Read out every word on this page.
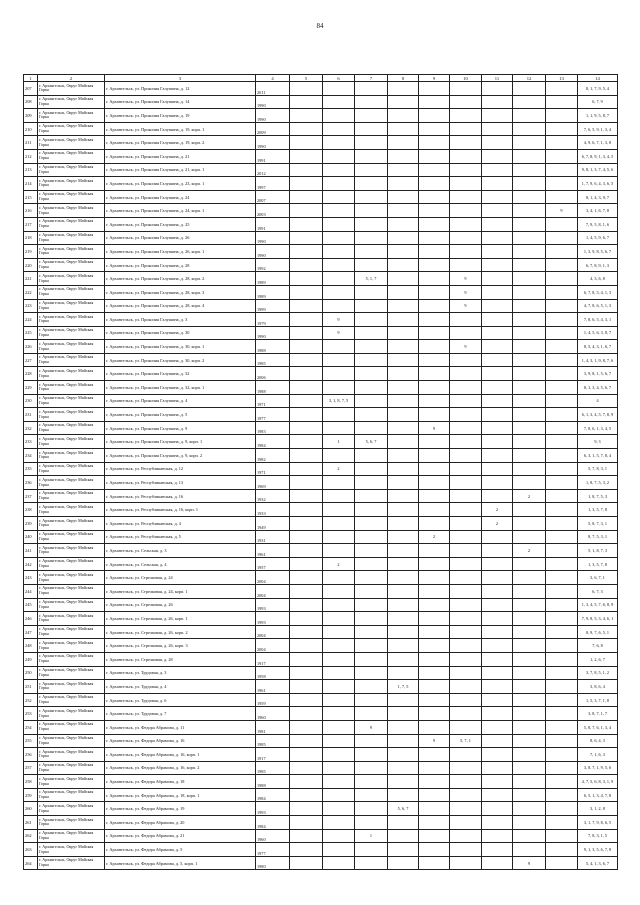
84
1	2	3	4	5	6	7	8	9	10	11	12	13	14
207	г. Архангельск, Округ Майская Горка	г. Архангельск, ул. Прокопия Галушина, д. 12	2011										8, 1, 7, 9, 5, 4
208	г. Архангельск, Округ Майская Горка	г. Архангельск, ул. Прокопия Галушина, д. 14	1990										6, 7, 9
209	г. Архангельск, Округ Майская Горка	г. Архангельск, ул. Прокопия Галушина, д. 19	1990										1, 1, 9, 5, 8, 7
210	г. Архангельск, Округ Майская Горка	г. Архангельск, ул. Прокопия Галушина, д. 19, корп. 1	2009										7, 6, 5, 9, 1, 3, 4
211	г. Архангельск, Округ Майская Горка	г. Архангельск, ул. Прокопия Галушина, д. 19, корп. 2	1990										4, 9, 6, 7, 1, 3, 8
212	г. Архангельск, Округ Майская Горка	г. Архангельск, ул. Прокопия Галушина, д. 21	1991										6, 7, 8, 9, 1, 3, 4, 5
213	г. Архангельск, Округ Майская Горка	г. Архангельск, ул. Прокопия Галушина, д. 21, корп. 1	2012										9, 8, 1, 3, 7, 4, 5, 6
214	г. Архангельск, Округ Майская Горка	г. Архангельск, ул. Прокопия Галушина, д. 23, корп. 1	1997										1, 7, 9, 6, 4, 3, 6, 5
215	г. Архангельск, Округ Майская Горка	г. Архангельск, ул. Прокопия Галушина, д. 24	2007										8, 1, 4, 3, 9, 7
216	г. Архангельск, Округ Майская Горка	г. Архангельск, ул. Прокопия Галушина, д. 24, корп. 1	2003									9	3, 4, 1, 6, 7, 8
217	г. Архангельск, Округ Майская Горка	г. Архангельск, ул. Прокопия Галушина, д. 25	1991										7, 9, 5, 8, 1, 6
218	г. Архангельск, Округ Майская Горка	г. Архангельск, ул. Прокопия Галушина, д. 26	1990										1, 4, 5, 9, 6, 7
219	г. Архангельск, Округ Майская Горка	г. Архангельск, ул. Прокопия Галушина, д. 26, корп. 1	1990										1, 3, 9, 8, 5, 6, 7
220	г. Архангельск, Округ Майская Горка	г. Архангельск, ул. Прокопия Галушина, д. 28	1992										6, 7, 8, 9, 1, 3
221	г. Архангельск, Округ Майская Горка	г. Архангельск, ул. Прокопия Галушина, д. 28, корп. 2	1989			5, 1, 7			9				4, 3, 6, 8
222	г. Архангельск, Округ Майская Горка	г. Архангельск, ул. Прокопия Галушина, д. 28, корп. 3	1989						9				6, 7, 8, 5, 4, 1, 3
223	г. Архангельск, Округ Майская Горка	г. Архангельск, ул. Прокопия Галушина, д. 28, корп. 4	1999						9				4, 7, 8, 6, 5, 1, 3
224	г. Архангельск, Округ Майская Горка	г. Архангельск, ул. Прокопия Галушина, д. 3	1979		9								7, 8, 6, 5, 4, 3, 1
225	г. Архангельск, Округ Майская Горка	г. Архангельск, ул. Прокопия Галушина, д. 30	1990		9								1, 4, 5, 6, 3, 8, 7
226	г. Архангельск, Округ Майская Горка	г. Архангельск, ул. Прокопия Галушина, д. 30, корп. 1	1988						9				8, 5, 4, 3, 1, 6, 7
227	г. Архангельск, Округ Майская Горка	г. Архангельск, ул. Прокопия Галушина, д. 30, корп. 2	1985										1, 4, 3, 1, 9, 8, 7, 6
228	г. Архангельск, Округ Майская Горка	г. Архангельск, ул. Прокопия Галушина, д. 32	2006										3, 9, 8, 1, 5, 6, 7
229	г. Архангельск, Округ Майская Горка	г. Архангельск, ул. Прокопия Галушина, д. 32, корп. 1	1988										8, 1, 3, 4, 5, 6, 7
230	г. Архангельск, Округ Майская Горка	г. Архангельск, ул. Прокопия Галушина, д. 4	1971		3, 1, 8, 7, 5								4
231	г. Архангельск, Округ Майская Горка	г. Архангельск, ул. Прокопия Галушина, д. 5	1977										6, 1, 3, 4, 5, 7, 8, 9
232	г. Архангельск, Округ Майская Горка	г. Архангельск, ул. Прокопия Галушина, д. 9	1983					9					7, 8, 6, 1, 3, 4, 5
233	г. Архангельск, Округ Майская Горка	г. Архангельск, ул. Прокопия Галушина, д. 9, корп. 1	1984		1	5, 6, 7							9, 3
234	г. Архангельск, Округ Майская Горка	г. Архангельск, ул. Прокопия Галушина, д. 9, корп. 2	1982										6, 3, 1, 5, 7, 8, 4
235	г. Архангельск, Округ Майская Горка	г. Архангельск, ул. Республиканская, д. 12	1971		2								5, 7, 8, 3, 1
236	г. Архангельск, Округ Майская Горка	г. Архангельск, ул. Республиканская, д. 13	1969										1, 8, 7, 5, 3, 2
237	г. Архангельск, Округ Майская Горка	г. Архангельск, ул. Республиканская, д. 16	1932								2		1, 8, 7, 5, 3
238	г. Архангельск, Округ Майская Горка	г. Архангельск, ул. Республиканская, д. 16, корп. 1	1933							2			1, 3, 5, 7, 8
239	г. Архангельск, Округ Майская Горка	г. Архангельск, ул. Республиканская, д. 4	1949							2			5, 8, 7, 3, 1
240	г. Архангельск, Округ Майская Горка	г. Архангельск, ул. Республиканская, д. 5	1931					2					8, 7, 5, 3, 1
241	г. Архангельск, Округ Майская Горка	г. Архангельск, ул. Сельская, д. 3	1961								2		5, 1, 8, 7, 3
242	г. Архангельск, Округ Майская Горка	г. Архангельск, ул. Сельская, д. 4	1957		2								1, 3, 5, 7, 8
243	г. Архангельск, Округ Майская Горка	г. Архангельск, ул. Стрелковая, д. 24	2004										3, 6, 7, 1
244	г. Архангельск, Округ Майская Горка	г. Архангельск, ул. Стрелковая, д. 24, корп. 1	2004										6, 7, 3
245	г. Архангельск, Округ Майская Горка	г. Архангельск, ул. Стрелковая, д. 26	1993										1, 3, 4, 5, 7, 6, 8, 9
246	г. Архангельск, Округ Майская Горка	г. Архангельск, ул. Стрелковая, д. 26, корп. 1	1993										7, 9, 8, 5, 3, 4, 6, 1
247	г. Архангельск, Округ Майская Горка	г. Архангельск, ул. Стрелковая, д. 26, корп. 2	2004										8, 9, 7, 6, 5, 1
248	г. Архангельск, Округ Майская Горка	г. Архангельск, ул. Стрелковая, д. 26, корп. 3	2004										7, 6, 8
249	г. Архангельск, Округ Майская Горка	г. Архангельск, ул. Стрелковая, д. 28	1917										1, 2, 6, 7
250	г. Архангельск, Округ Майская Горка	г. Архангельск, ул. Трудовая, д. 3	1958										3, 7, 8, 5, 1, 2
251	г. Архангельск, Округ Майская Горка	г. Архангельск, ул. Трудовая, д. 4	1961				1, 7, 5						3, 8, 6, 4
252	г. Архангельск, Округ Майская Горка	г. Архангельск, ул. Трудовая, д. 6	1959										1, 5, 3, 7, 1, 8
253	г. Архангельск, Округ Майская Горка	г. Архангельск, ул. Трудовая, д. 7	1960										3, 8, 7, 1, 7
254	г. Архангельск, Округ Майская Горка	г. Архангельск, ул. Федора Абрамова, д. 11	1981			9							5, 8, 7, 6, 1, 3, 4
255	г. Архангельск, Округ Майская Горка	г. Архангельск, ул. Федора Абрамова, д. 16	1985					9	5, 7, 1				8, 6, 4, 3
256	г. Архангельск, Округ Майская Горка	г. Архангельск, ул. Федора Абрамова, д. 16, корп. 1	1917										7, 1, 6, 3
257	г. Архангельск, Округ Майская Горка	г. Архангельск, ул. Федора Абрамова, д. 16, корп. 2	1985										3, 8, 7, 1, 9, 5, 6
258	г. Архангельск, Округ Майская Горка	г. Архангельск, ул. Федора Абрамова, д. 18	1988										4, 7, 5, 6, 8, 3, 1, 9
259	г. Архангельск, Округ Майская Горка	г. Архангельск, ул. Федора Абрамова, д. 18, корп. 1	1984										6, 5, 1, 3, 4, 7, 8
260	г. Архангельск, Округ Майская Горка	г. Архангельск, ул. Федора Абрамова, д. 19	1993				5, 6, 7						3, 1, 2, 8
261	г. Архангельск, Округ Майская Горка	г. Архангельск, ул. Федора Абрамова, д. 20	1984										3, 1, 7, 9, 8, 6, 5
262	г. Архангельск, Округ Майская Горка	г. Архангельск, ул. Федора Абрамова, д. 21	1960			1							7, 8, 3, 1, 5
263	г. Архангельск, Округ Майская Горка	г. Архангельск, ул. Федора Абрамова, д. 5	1977										9, 1, 3, 5, 6, 7, 8
264	г. Архангельск, Округ Майская Горка	г. Архангельск, ул. Федора Абрамова, д. 5, корп. 1	1980								9		5, 4, 1, 3, 6, 7
